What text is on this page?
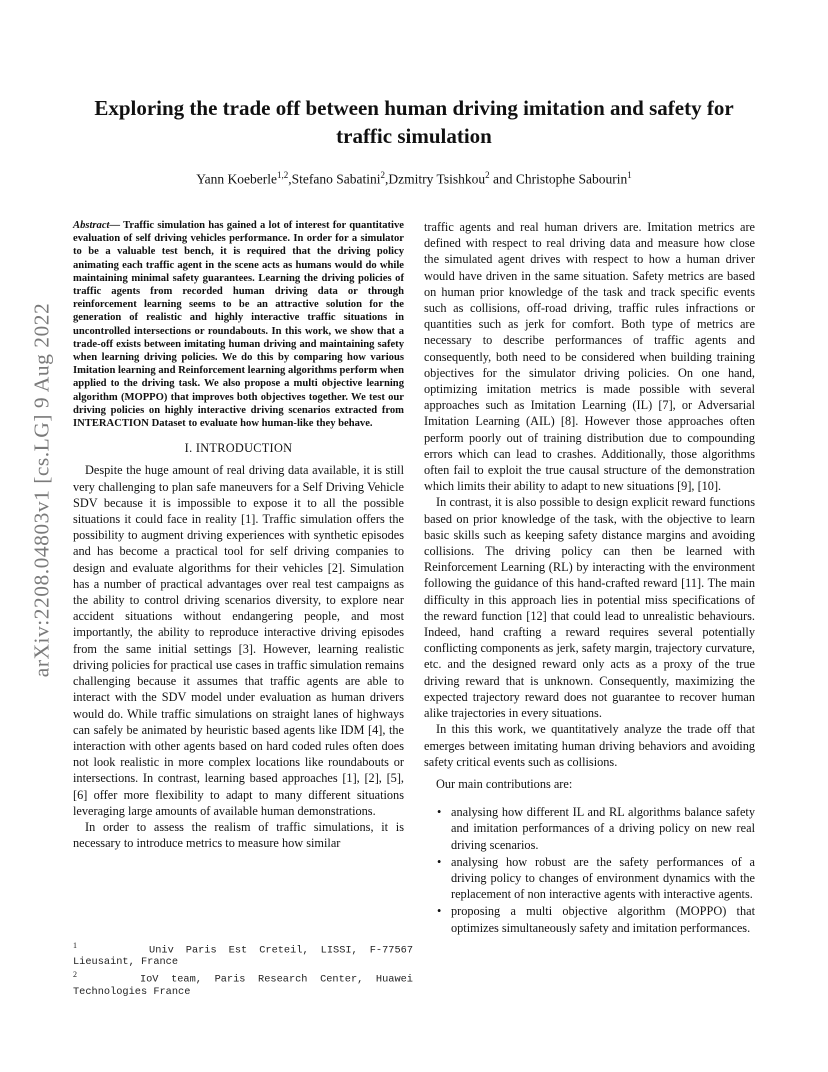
arXiv:2208.04803v1 [cs.LG] 9 Aug 2022
Exploring the trade off between human driving imitation and safety for
traffic simulation
Yann Koeberle$^{1,2}$,Stefano Sabatini$^2$,Dzmitry Tsishkou$^2$ and Christophe Sabourin$^1$

Abstract— Traffic simulation has gained a lot of interest for quantitative evaluation of self driving vehicles performance. In order for a simulator to be a valuable test bench, it is required that the driving policy animating each traffic agent in the scene acts as humans would do while maintaining minimal safety guarantees. Learning the driving policies of traffic agents from recorded human driving data or through reinforcement learning seems to be an attractive solution for the generation of realistic and highly interactive traffic situations in uncontrolled intersections or roundabouts. In this work, we show that a trade-off exists between imitating human driving and maintaining safety when learning driving policies. We do this by comparing how various Imitation learning and Reinforcement learning algorithms perform when applied to the driving task. We also propose a multi objective learning algorithm (MOPPO) that improves both objectives together. We test our driving policies on highly interactive driving scenarios extracted from INTERACTION Dataset to evaluate how human-like they behave.

I. INTRODUCTION

Despite the huge amount of real driving data available, it is still very challenging to plan safe maneuvers for a Self Driving Vehicle SDV because it is impossible to expose it to all the possible situations it could face in reality [1]. Traffic simulation offers the possibility to augment driving experiences with synthetic episodes and has become a practical tool for self driving companies to design and evaluate algorithms for their vehicles [2]. Simulation has a number of practical advantages over real test campaigns as the ability to control driving scenarios diversity, to explore near accident situations without endangering people, and most importantly, the ability to reproduce interactive driving episodes from the same initial settings [3]. However, learning realistic driving policies for practical use cases in traffic simulation remains challenging because it assumes that traffic agents are able to interact with the SDV model under evaluation as human drivers would do. While traffic simulations on straight lanes of highways can safely be animated by heuristic based agents like IDM [4], the interaction with other agents based on hard coded rules often does not look realistic in more complex locations like roundabouts or intersections. In contrast, learning based approaches [1], [2], [5], [6] offer more flexibility to adapt to many different situations leveraging large amounts of available human demonstrations.

In order to assess the realism of traffic simulations, it is necessary to introduce metrics to measure how similar

traffic agents and real human drivers are. Imitation metrics are defined with respect to real driving data and measure how close the simulated agent drives with respect to how a human driver would have driven in the same situation. Safety metrics are based on human prior knowledge of the task and track specific events such as collisions, off-road driving, traffic rules infractions or quantities such as jerk for comfort. Both type of metrics are necessary to describe performances of traffic agents and consequently, both need to be considered when building training objectives for the simulator driving policies. On one hand, optimizing imitation metrics is made possible with several approaches such as Imitation Learning (IL) [7], or Adversarial Imitation Learning (AIL) [8]. However those approaches often perform poorly out of training distribution due to compounding errors which can lead to crashes. Additionally, those algorithms often fail to exploit the true causal structure of the demonstration which limits their ability to adapt to new situations [9], [10].

In contrast, it is also possible to design explicit reward functions based on prior knowledge of the task, with the objective to learn basic skills such as keeping safety distance margins and avoiding collisions. The driving policy can then be learned with Reinforcement Learning (RL) by interacting with the environment following the guidance of this hand-crafted reward [11]. The main difficulty in this approach lies in potential miss specifications of the reward function [12] that could lead to unrealistic behaviours. Indeed, hand crafting a reward requires several potentially conflicting components as jerk, safety margin, trajectory curvature, etc. and the designed reward only acts as a proxy of the true driving reward that is unknown. Consequently, maximizing the expected trajectory reward does not guarantee to recover human alike trajectories in every situations.

In this this work, we quantitatively analyze the trade off that emerges between imitating human driving behaviors and avoiding safety critical events such as collisions.

Our main contributions are:

• analysing how different IL and RL algorithms balance safety and imitation performances of a driving policy on new real driving scenarios.
• analysing how robust are the safety performances of a driving policy to changes of environment dynamics with the replacement of non interactive agents with interactive agents.
• proposing a multi objective algorithm (MOPPO) that optimizes simultaneously safety and imitation performances.
$^1$	Univ Paris Est Creteil, LISSI, F-77567 Lieusaint, France
$^2$	IoV team, Paris Research Center, Huawei Technologies France
